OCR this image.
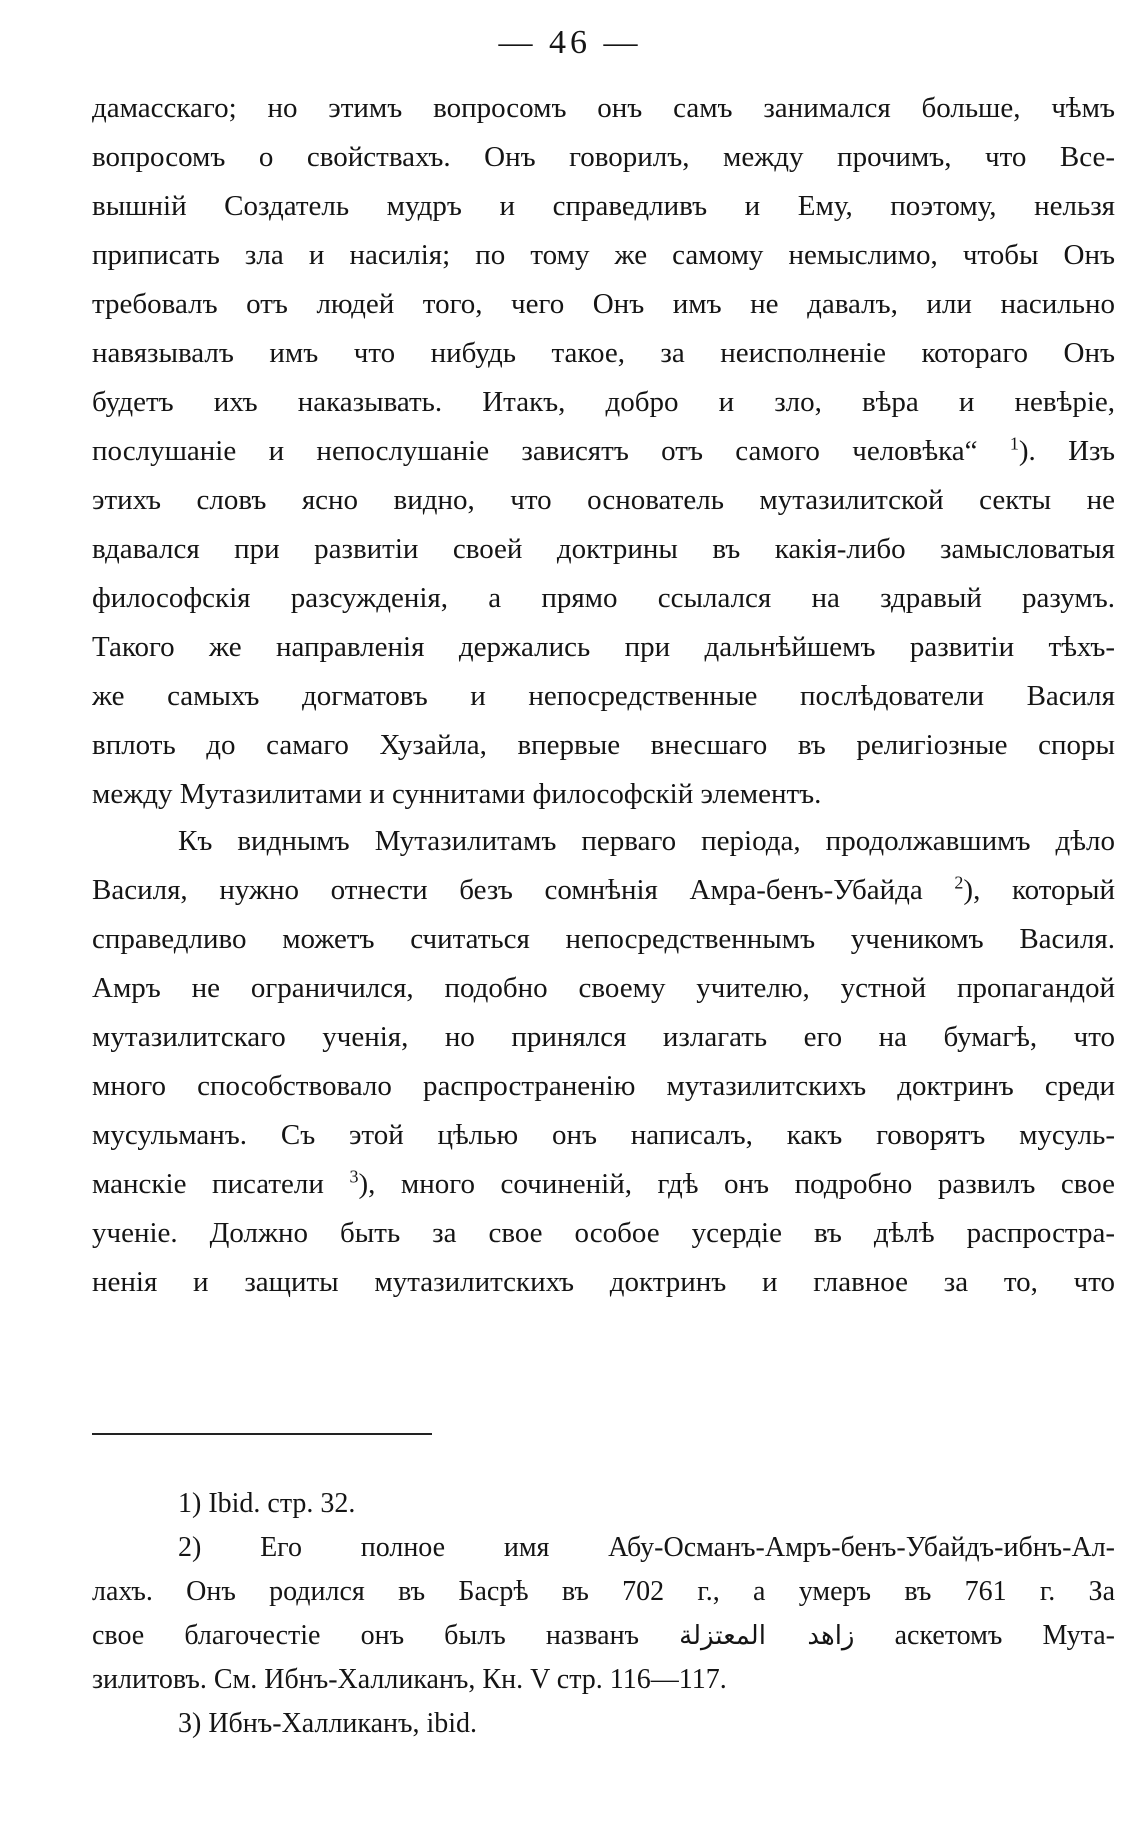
— 46 —
дамасскаго; но этимъ вопросомъ онъ самъ занимался больше, чѣмъ
вопросомъ о свойствахъ. Онъ говорилъ, между прочимъ, что Все-
вышній Создатель мудръ и справедливъ и Ему, поэтому, нельзя
приписать зла и насилія; по тому же самому немыслимо, чтобы Онъ
требовалъ отъ людей того, чего Онъ имъ не давалъ, или насильно
навязывалъ имъ что нибудь такое, за неисполненіе котораго Онъ
будетъ ихъ наказывать. Итакъ, добро и зло, вѣра и невѣріе,
послушаніе и непослушаніе зависятъ отъ самого человѣка“ $^1$). Изъ
этихъ словъ ясно видно, что основатель мутазилитской секты не
вдавался при развитіи своей доктрины въ какія-либо замысловатыя
философскія разсужденія, а прямо ссылался на здравый разумъ.
Такого же направленія держались при дальнѣйшемъ развитіи тѣхъ-
же самыхъ догматовъ и непосредственные послѣдователи Василя
вплоть до самаго Хузайла, впервые внесшаго въ религіозные споры
между Мутазилитами и суннитами философскій элементъ.
Къ виднымъ Мутазилитамъ перваго періода, продолжавшимъ дѣло
Василя, нужно отнести безъ сомнѣнія Амра-бенъ-Убайда $^2$), который
справедливо можетъ считаться непосредственнымъ ученикомъ Василя.
Амръ не ограничился, подобно своему учителю, устной пропагандой
мутазилитскаго ученія, но принялся излагать его на бумагѣ, что
много способствовало распространенію мутазилитскихъ доктринъ среди
мусульманъ. Съ этой цѣлью онъ написалъ, какъ говорятъ мусуль-
манскіе писатели $^3$), много сочиненій, гдѣ онъ подробно развилъ свое
ученіе. Должно быть за свое особое усердіе въ дѣлѣ распростра-
ненія и защиты мутазилитскихъ доктринъ и главное за то, что
1) Ibid. стр. 32.
2) Его полное имя Абу-Османъ-Амръ-бенъ-Убайдъ-ибнъ-Ал-
лахъ. Онъ родился въ Басрѣ въ 702 г., а умеръ въ 761 г. За
свое благочестіе онъ былъ названъ زاهد المعتزلة аскетомъ Мута-
зилитовъ. См. Ибнъ-Халликанъ, Кн. V стр. 116—117.
3) Ибнъ-Халликанъ, ibid.
